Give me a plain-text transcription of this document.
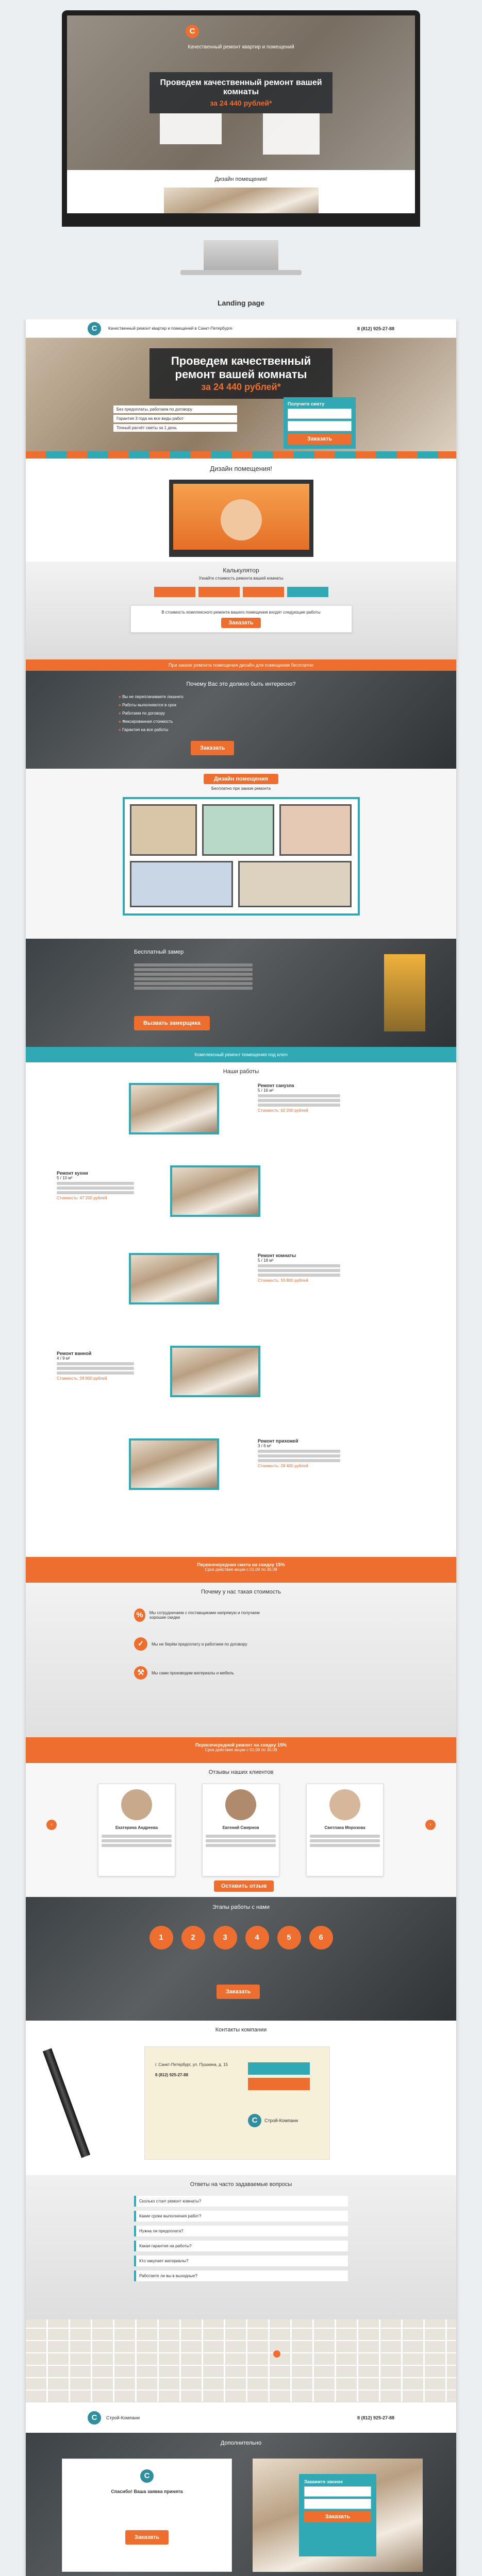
С
Качественный ремонт квартир и помещений
Проведем качественный ремонт вашей комнаты
за 24 440 рублей*
Дизайн помещения!
Landing page
С	Качественный ремонт квартир и помещений в Санкт-Петербурге	8 (812) 925-27-88
Проведем качественный ремонт вашей комнаты
за 24 440 рублей*
Без предоплаты, работаем по договору
Гарантия 3 года на все виды работ
Точный расчёт сметы за 1 день
Получите смету
Заказать
Дизайн помещения!
Калькулятор
Узнайте стоимость ремонта вашей комнаты
В стоимость комплексного ремонта вашего помещения входят следующие работы
Заказать
При заказе ремонта помещения дизайн для помещения бесплатно
Почему Вас это должно быть интересно?
● Вы не переплачиваете лишнего
● Работы выполняются в срок
● Работаем по договору
● Фиксированная стоимость
● Гарантия на все работы
Заказать
Дизайн помещения
Бесплатно при заказе ремонта
Бесплатный замер
Вызвать замерщика
Комплексный ремонт помещения под ключ
Наши работы
Ремонт санузла
5 / 16 м²
Стоимость: 62 200 рублей
Ремонт кухни
5 / 10 м²
Стоимость: 47 200 рублей
Ремонт комнаты
5 / 18 м²
Стоимость: 55 800 рублей
Ремонт ванной
4 / 9 м²
Стоимость: 39 900 рублей
Ремонт прихожей
3 / 6 м²
Стоимость: 28 400 рублей
Первоочередная смета на скидку 15%
Срок действия акции с 01.09 по 30.09
Почему у нас такая стоимость
%	Мы сотрудничаем с поставщиками напрямую и получаем хорошие скидки
✓	Мы не берём предоплату и работаем по договору
⚒	Мы сами производим материалы и мебель
Первоочередной ремонт на скидку 15%
Срок действия акции с 01.09 по 30.09
Отзывы наших клиентов
‹	›
Екатерина Андреева	Евгений Смирнов	Светлана Морозова
Оставить отзыв
Этапы работы с нами
1	2	3	4	5	6
Заказать
Контакты компании
г. Санкт-Петербург, ул. Пушкина, д. 15
8 (812) 925-27-88
С	Строй-Компани
Ответы на часто задаваемые вопросы
Сколько стоит ремонт комнаты?
Какие сроки выполнения работ?
Нужна ли предоплата?
Какая гарантия на работы?
Кто закупает материалы?
Работаете ли вы в выходные?
С	Строй-Компани	8 (812) 925-27-88
Дополнительно
С
Спасибо! Ваша заявка принята
Заказать
Закажите звонок
Заказать
